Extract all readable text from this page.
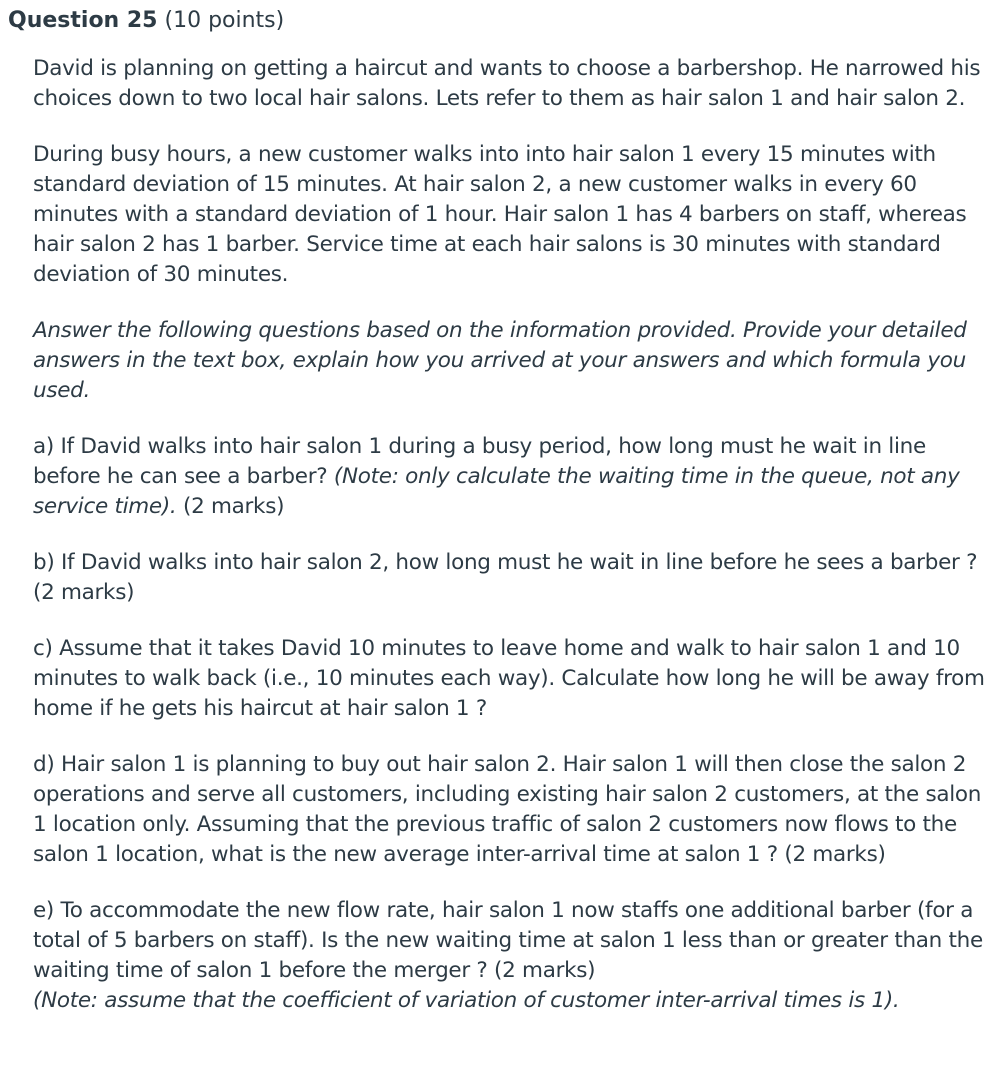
Question 25 (10 points)

David is planning on getting a haircut and wants to choose a barbershop. He narrowed his choices down to two local hair salons. Lets refer to them as hair salon 1 and hair salon 2.

During busy hours, a new customer walks into into hair salon 1 every 15 minutes with standard deviation of 15 minutes. At hair salon 2, a new customer walks in every 60 minutes with a standard deviation of 1 hour. Hair salon 1 has 4 barbers on staff, whereas hair salon 2 has 1 barber. Service time at each hair salons is 30 minutes with standard deviation of 30 minutes.

Answer the following questions based on the information provided. Provide your detailed answers in the text box, explain how you arrived at your answers and which formula you used.

a) If David walks into hair salon 1 during a busy period, how long must he wait in line before he can see a barber? (Note: only calculate the waiting time in the queue, not any service time). (2 marks)

b) If David walks into hair salon 2, how long must he wait in line before he sees a barber ? (2 marks)

c) Assume that it takes David 10 minutes to leave home and walk to hair salon 1 and 10 minutes to walk back (i.e., 10 minutes each way). Calculate how long he will be away from home if he gets his haircut at hair salon 1 ?

d) Hair salon 1 is planning to buy out hair salon 2. Hair salon 1 will then close the salon 2 operations and serve all customers, including existing hair salon 2 customers, at the salon 1 location only. Assuming that the previous traffic of salon 2 customers now flows to the salon 1 location, what is the new average inter-arrival time at salon 1 ? (2 marks)

e) To accommodate the new flow rate, hair salon 1 now staffs one additional barber (for a total of 5 barbers on staff). Is the new waiting time at salon 1 less than or greater than the waiting time of salon 1 before the merger ? (2 marks)

(Note: assume that the coefficient of variation of customer inter-arrival times is 1).
